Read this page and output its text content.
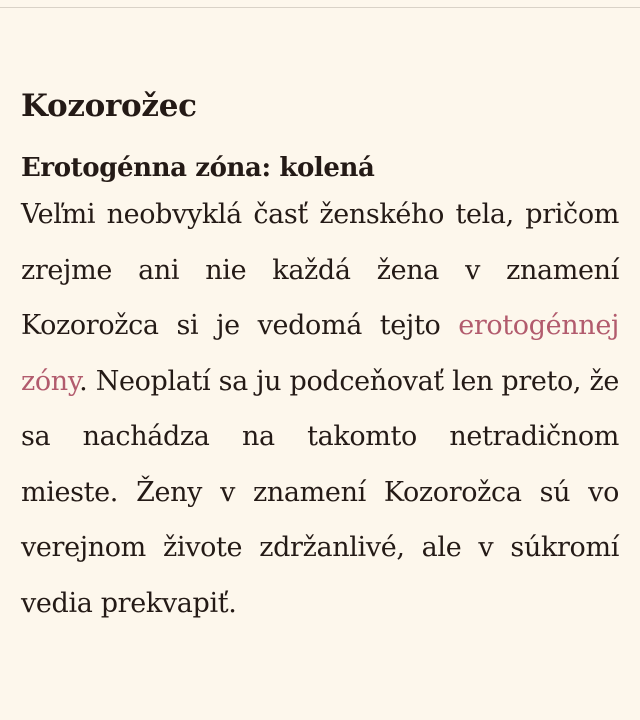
Kozorožec
Erotogénna zóna: kolená

Veľmi neobvyklá časť ženského tela, pričom zrejme ani nie každá žena v znamení Kozorožca si je vedomá tejto erotogénnej zóny. Neoplatí sa ju podceňovať len preto, že sa nachádza na takomto netradičnom mieste. Ženy v znamení Kozorožca sú vo verejnom živote zdržanlivé, ale v súkromí vedia prekvapiť.
